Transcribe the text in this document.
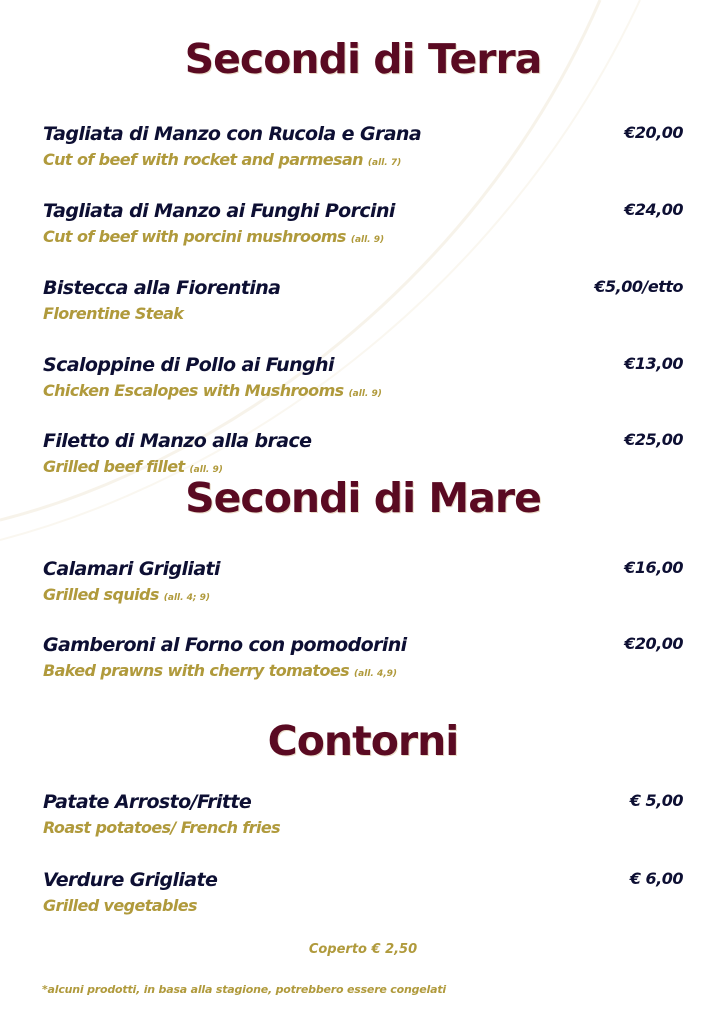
Secondi di Terra
Tagliata di Manzo con Rucola e Grana	€20,00
Cut of beef with rocket and parmesan (all. 7)
Tagliata di Manzo ai Funghi Porcini	€24,00
Cut of beef with porcini mushrooms (all. 9)
Bistecca alla Fiorentina	€5,00/etto
Florentine Steak
Scaloppine di Pollo ai Funghi	€13,00
Chicken Escalopes with Mushrooms (all. 9)
Filetto di Manzo alla brace	€25,00
Grilled beef fillet (all. 9)
Secondi di Mare
Calamari Grigliati	€16,00
Grilled squids (all. 4; 9)
Gamberoni al Forno con pomodorini	€20,00
Baked prawns with cherry tomatoes (all. 4,9)
Contorni
Patate Arrosto/Fritte	€ 5,00
Roast potatoes/ French fries
Verdure Grigliate	€ 6,00
Grilled vegetables
Coperto € 2,50
*alcuni prodotti, in basa alla stagione, potrebbero essere congelati
